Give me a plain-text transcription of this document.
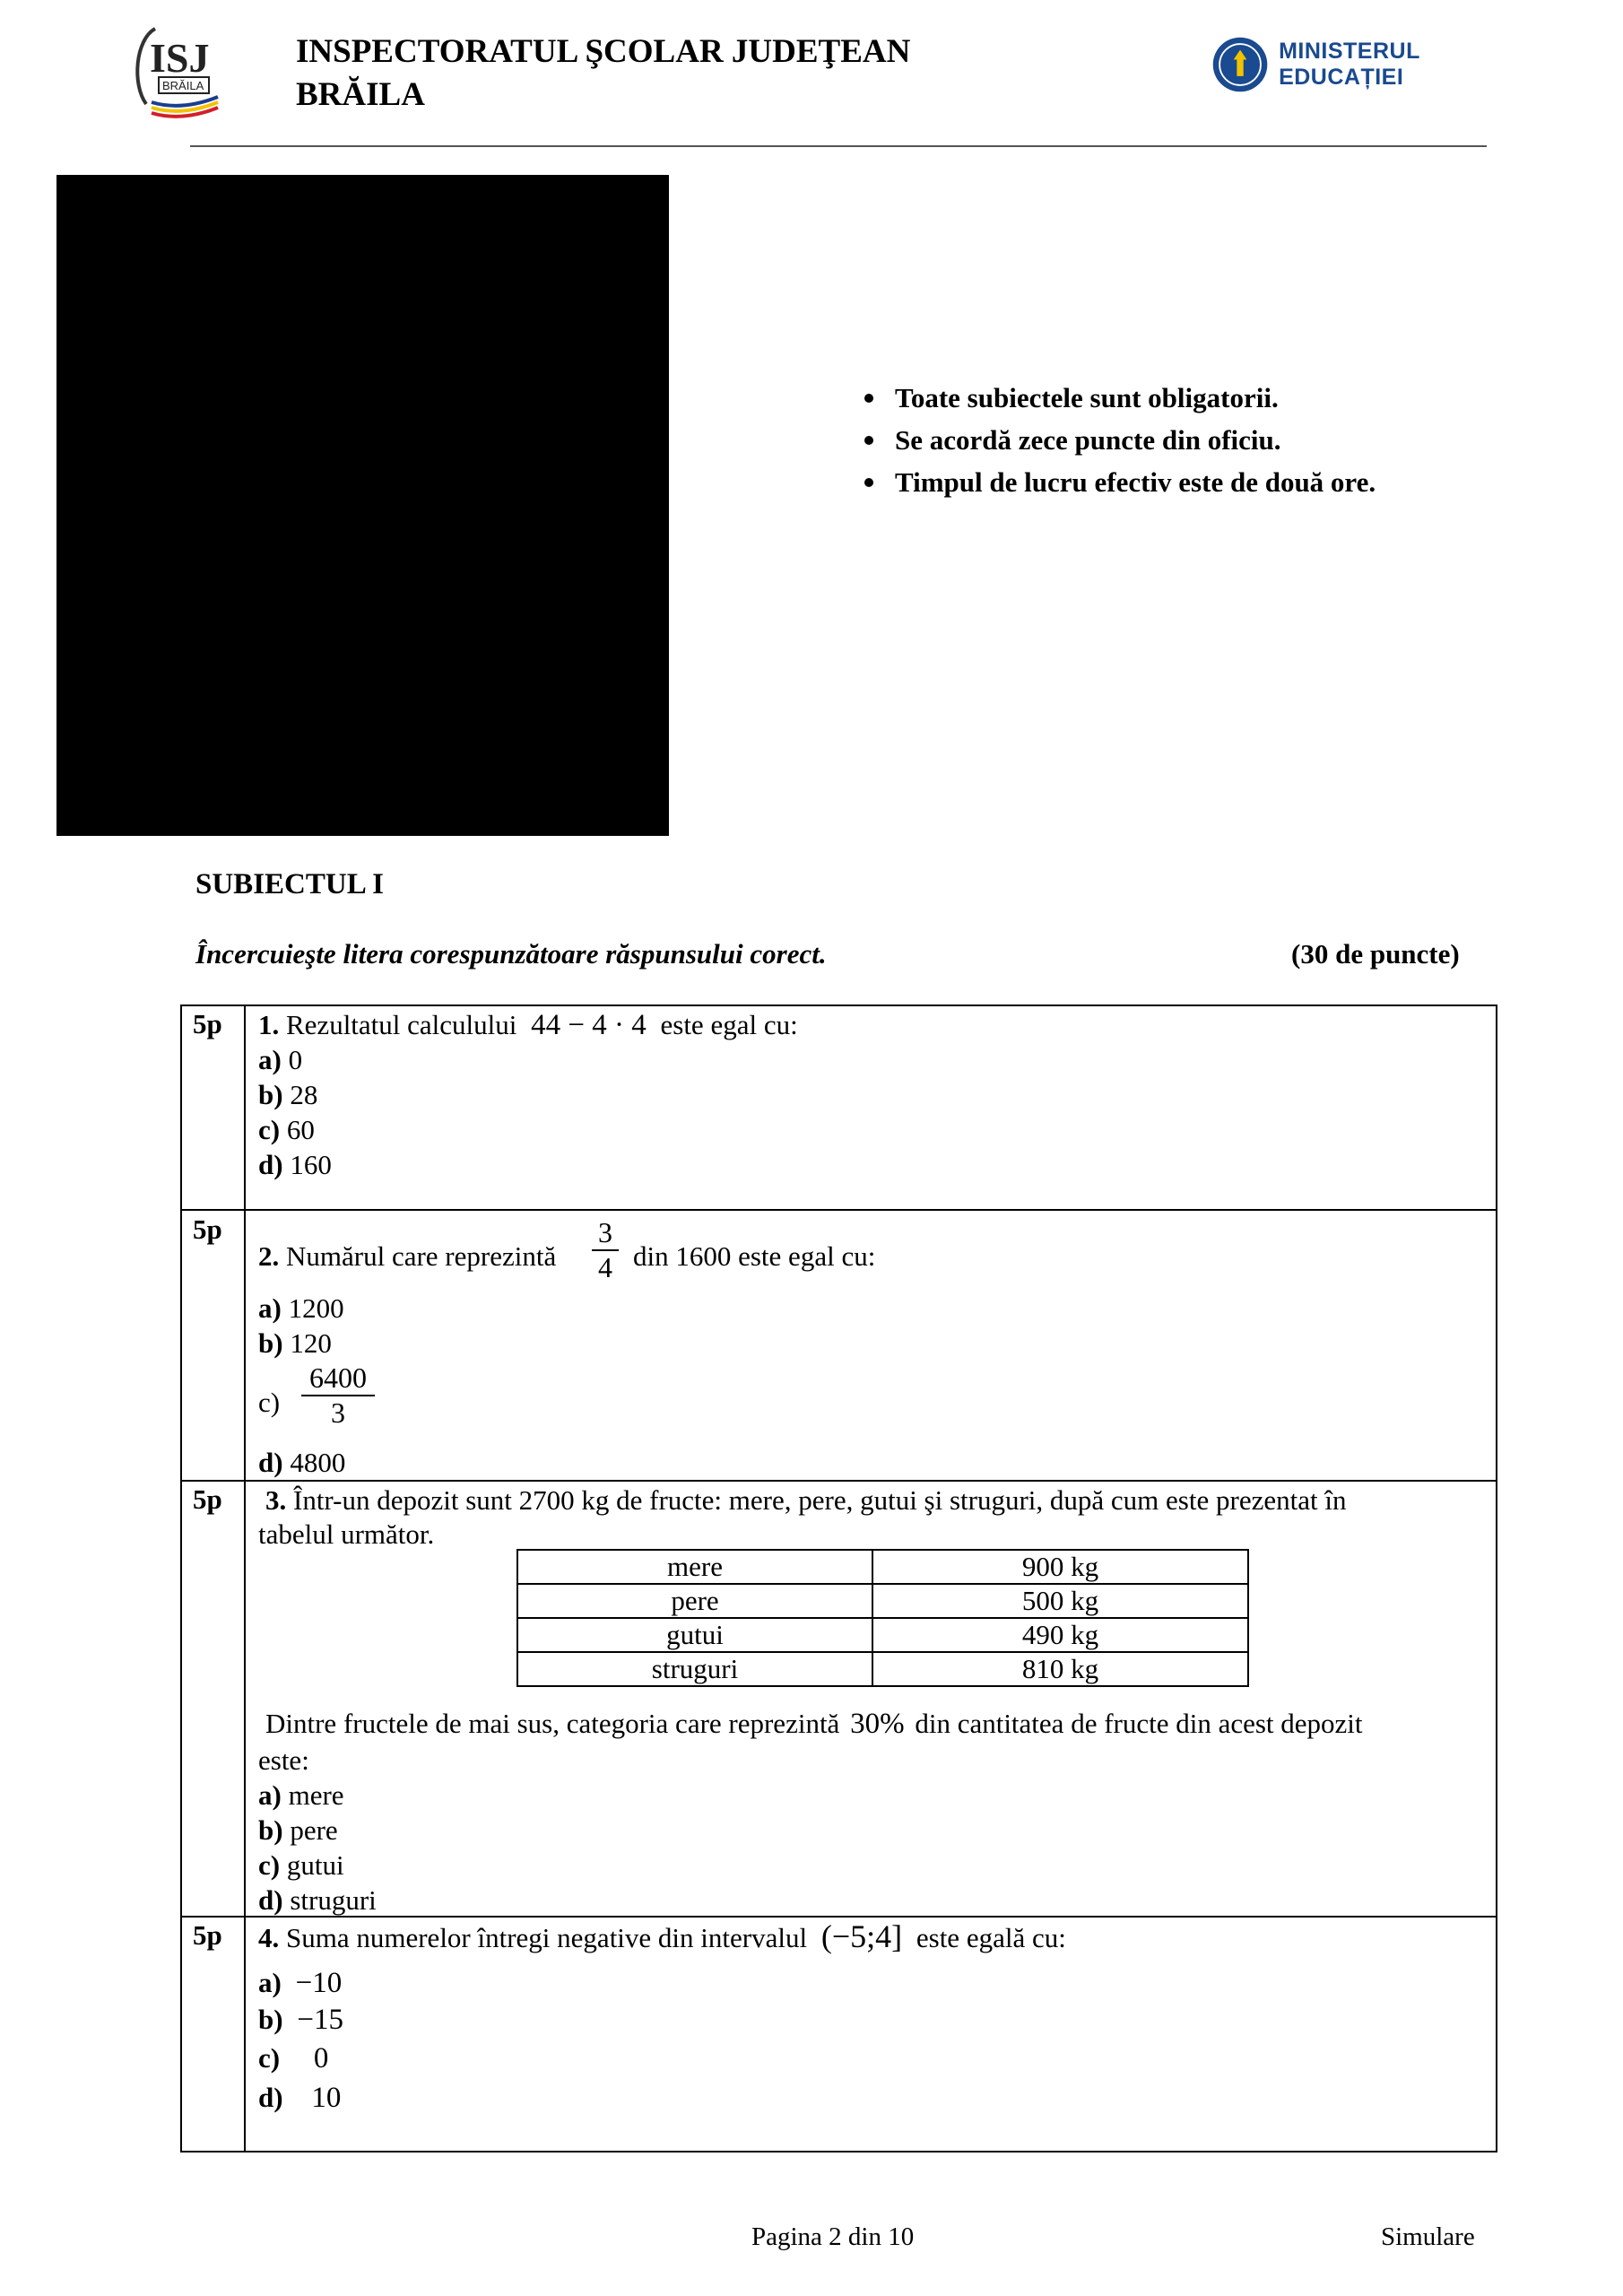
ISJ
BRĂILA
INSPECTORATUL ŞCOLAR JUDEŢEAN
BRĂILA
MINISTERUL EDUCAȚIEI
Toate subiectele sunt obligatorii.
Se acordă zece puncte din oficiu.
Timpul de lucru efectiv este de două ore.
SUBIECTUL I
Încercuieşte litera corespunzătoare răspunsului corect.	(30 de puncte)
5p 1. Rezultatul calculului 44 − 4 · 4 este egal cu:
a) 0
b) 28
c) 60
d) 160
5p
2. Numărul care reprezintă
3
4 din 1600 este egal cu:
a) 1200
b) 120
c)
6400
3
d) 4800
5p 3. Într-un depozit sunt 2700 kg de fructe: mere, pere, gutui şi struguri, după cum este prezentat în
tabelul următor.
mere	900 kg
pere	500 kg
gutui	490 kg
struguri	810 kg
Dintre fructele de mai sus, categoria care reprezintă 30% din cantitatea de fructe din acest depozit
este:
a) mere
b) pere
c) gutui
d) struguri
5p 4. Suma numerelor întregi negative din intervalul (−5;4] este egală cu:
a) −10
b) −15
c) 0
d) 10
Pagina 2 din 10	Simulare
